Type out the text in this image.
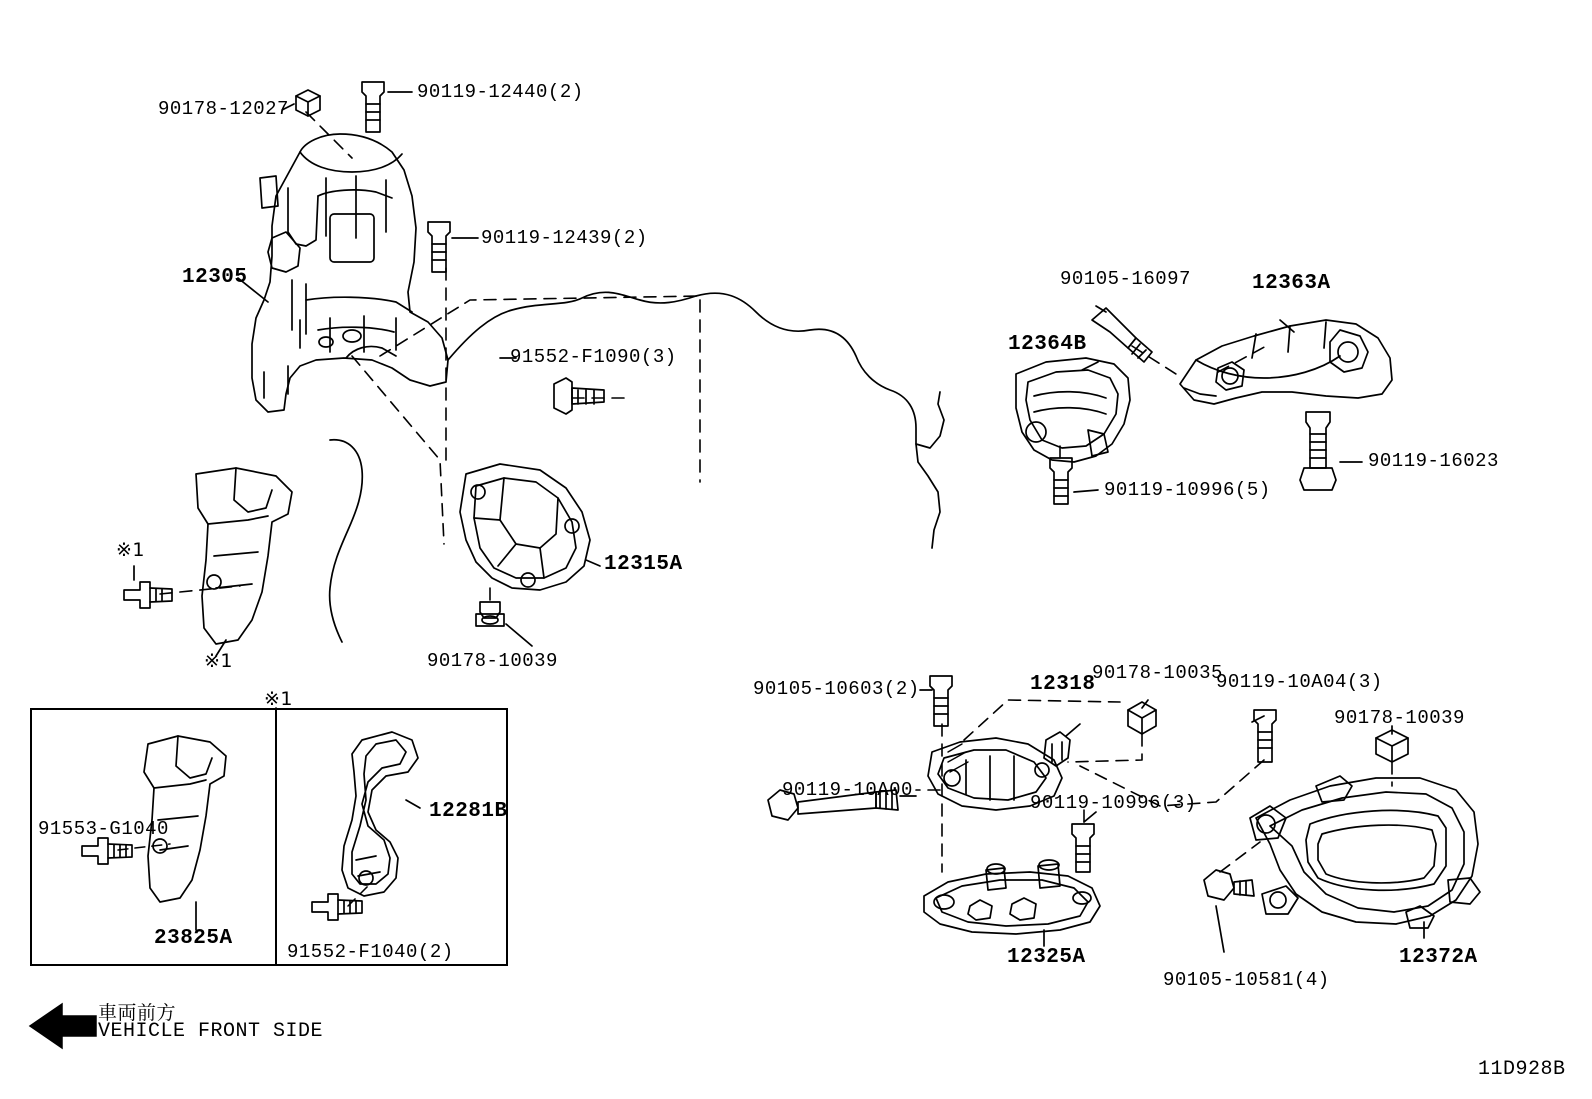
90178-12027
90119-12440(2)
90119-12439(2)
12305
91552-F1090(3)
12315A
90178-10039
※1
※1
※1
91553-G1040
23825A
12281B
91552-F1040(2)
90105-16097	12363A
12364B
90119-10996(5)
90119-16023
90105-10603(2)	12318
90178-10035
90119-10A04(3)
90178-10039
90119-10A00
90119-10996(3)
12325A
90105-10581(4)
12372A
車両前方
VEHICLE FRONT SIDE
11D928B
